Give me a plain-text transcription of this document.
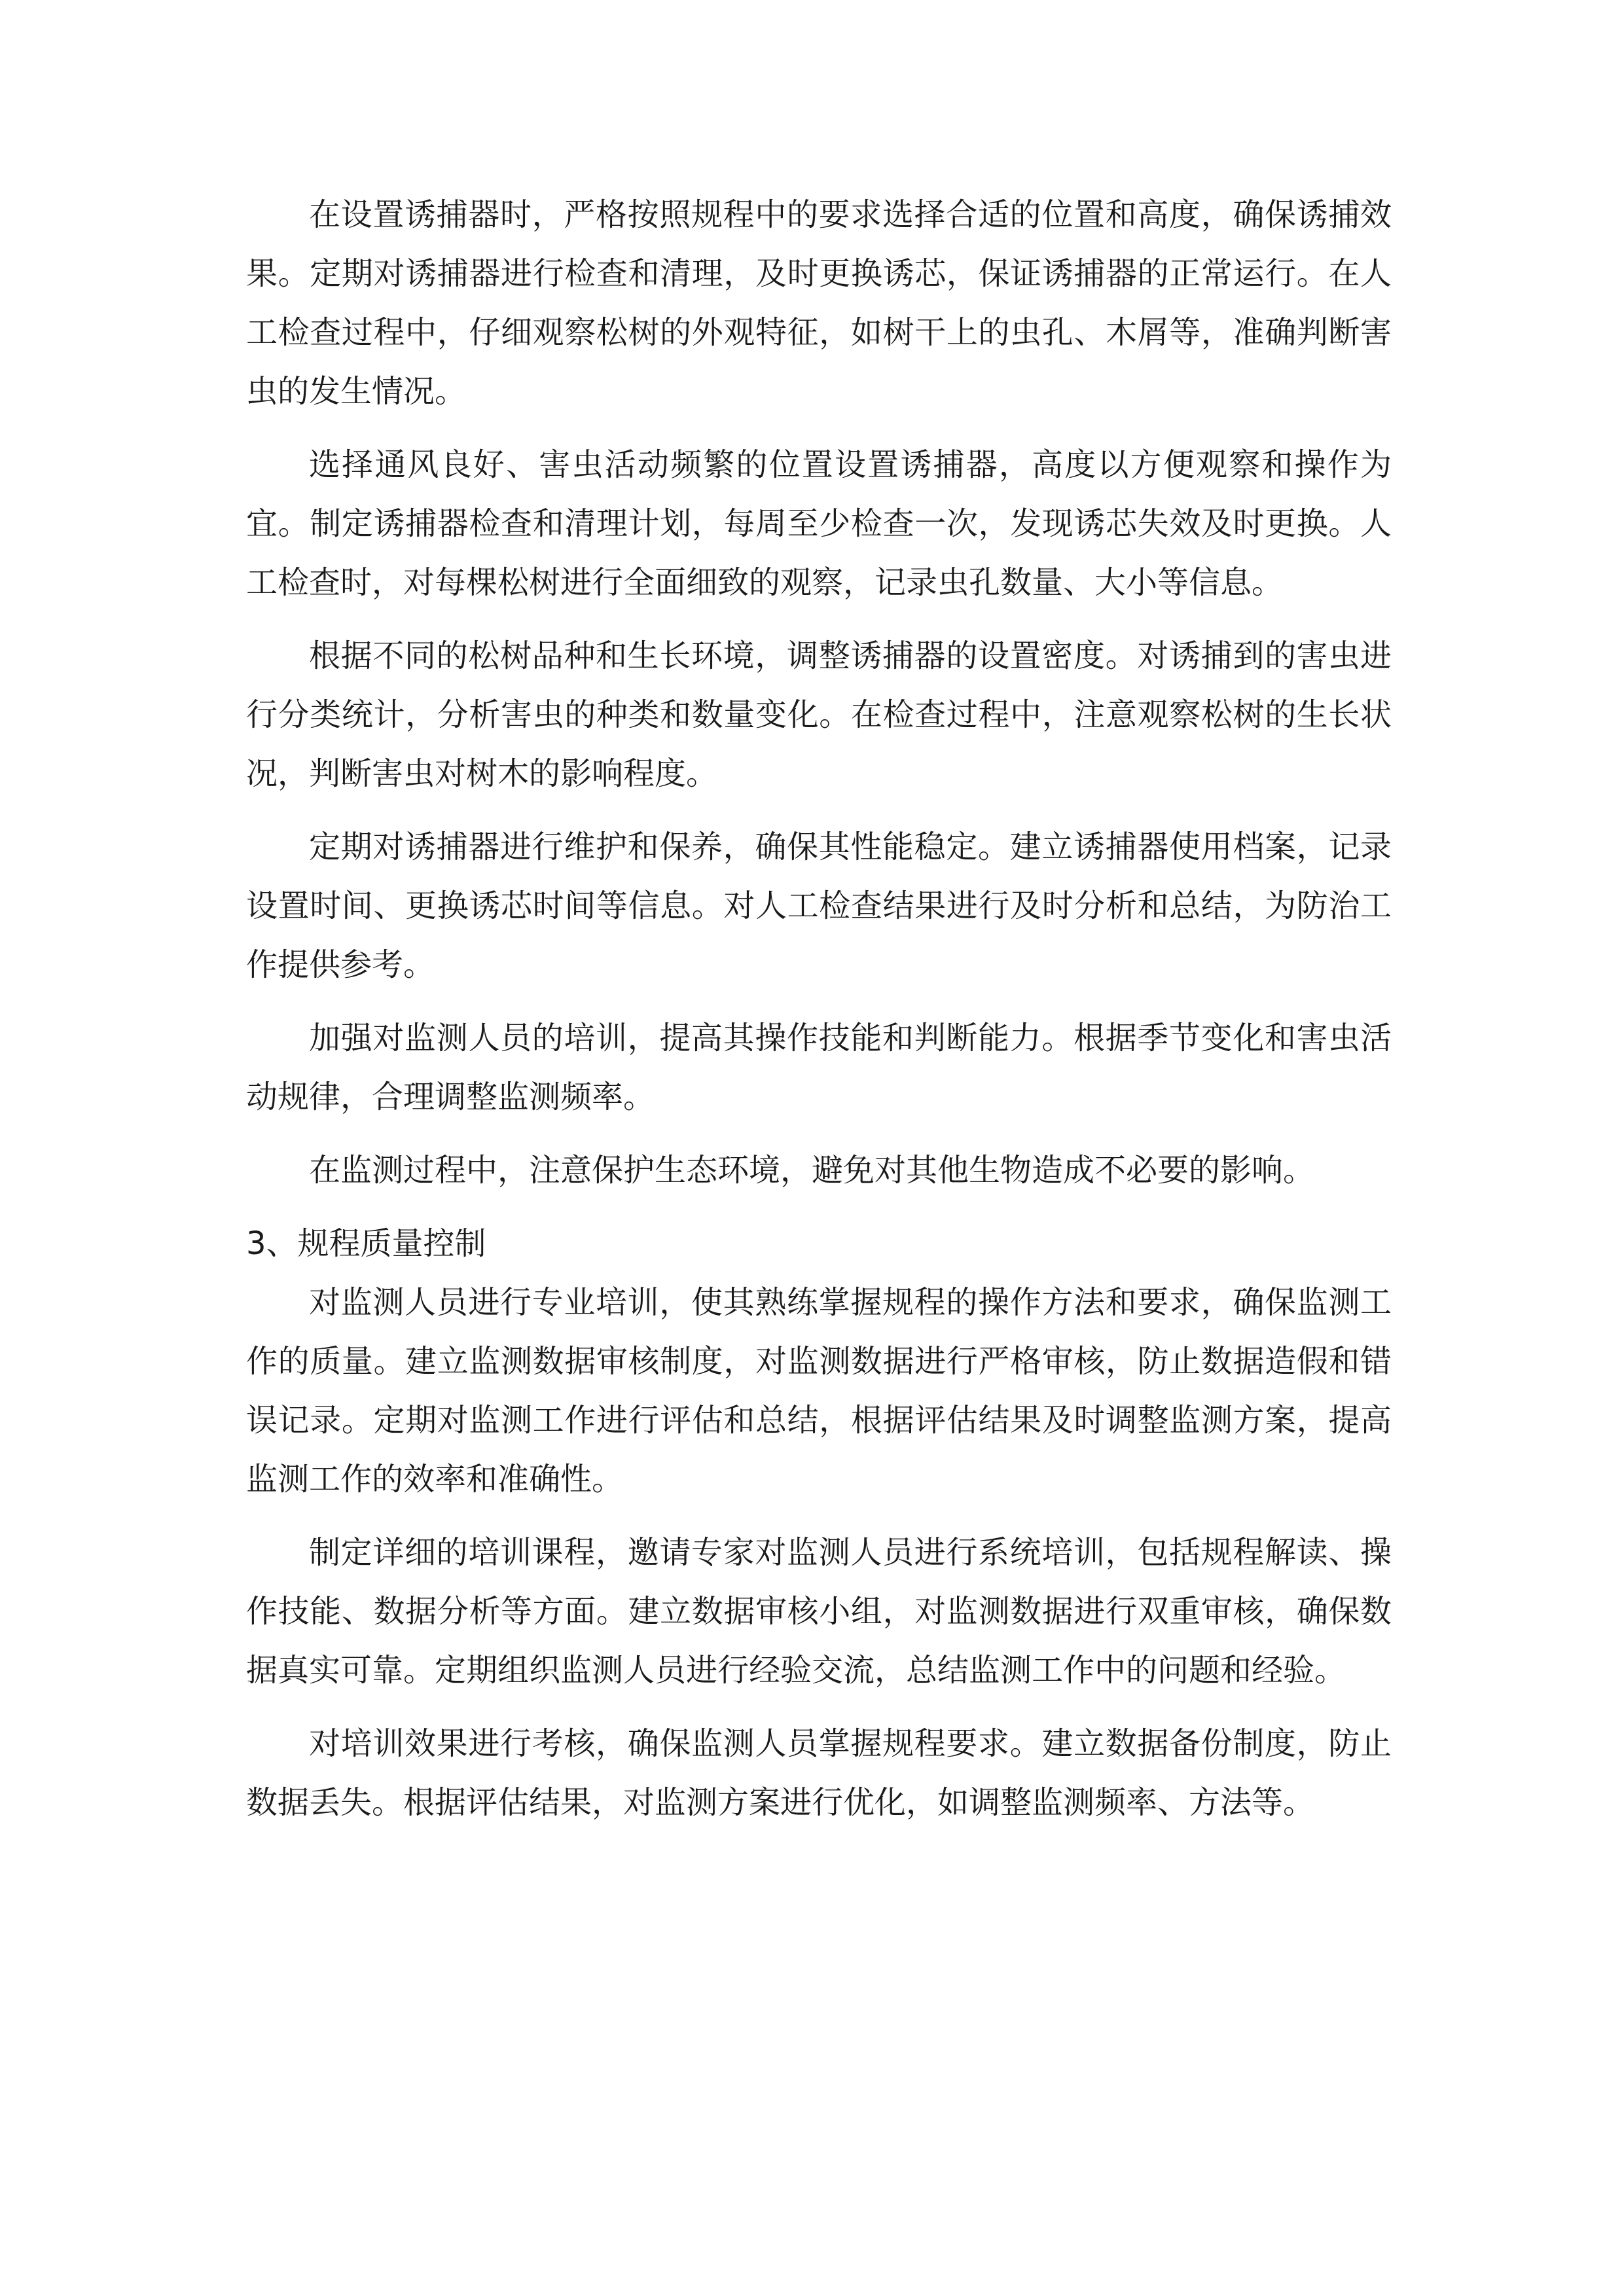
在设置诱捕器时，严格按照规程中的要求选择合适的位置和高度，确保诱捕效果。定期对诱捕器进行检查和清理，及时更换诱芯，保证诱捕器的正常运行。在人工检查过程中，仔细观察松树的外观特征，如树干上的虫孔、木屑等，准确判断害虫的发生情况。

选择通风良好、害虫活动频繁的位置设置诱捕器，高度以方便观察和操作为宜。制定诱捕器检查和清理计划，每周至少检查一次，发现诱芯失效及时更换。人工检查时，对每棵松树进行全面细致的观察，记录虫孔数量、大小等信息。

根据不同的松树品种和生长环境，调整诱捕器的设置密度。对诱捕到的害虫进行分类统计，分析害虫的种类和数量变化。在检查过程中，注意观察松树的生长状况，判断害虫对树木的影响程度。

定期对诱捕器进行维护和保养，确保其性能稳定。建立诱捕器使用档案，记录设置时间、更换诱芯时间等信息。对人工检查结果进行及时分析和总结，为防治工作提供参考。

加强对监测人员的培训，提高其操作技能和判断能力。根据季节变化和害虫活动规律，合理调整监测频率。

在监测过程中，注意保护生态环境，避免对其他生物造成不必要的影响。

3、规程质量控制

对监测人员进行专业培训，使其熟练掌握规程的操作方法和要求，确保监测工作的质量。建立监测数据审核制度，对监测数据进行严格审核，防止数据造假和错误记录。定期对监测工作进行评估和总结，根据评估结果及时调整监测方案，提高监测工作的效率和准确性。

制定详细的培训课程，邀请专家对监测人员进行系统培训，包括规程解读、操作技能、数据分析等方面。建立数据审核小组，对监测数据进行双重审核，确保数据真实可靠。定期组织监测人员进行经验交流，总结监测工作中的问题和经验。

对培训效果进行考核，确保监测人员掌握规程要求。建立数据备份制度，防止数据丢失。根据评估结果，对监测方案进行优化，如调整监测频率、方法等。
